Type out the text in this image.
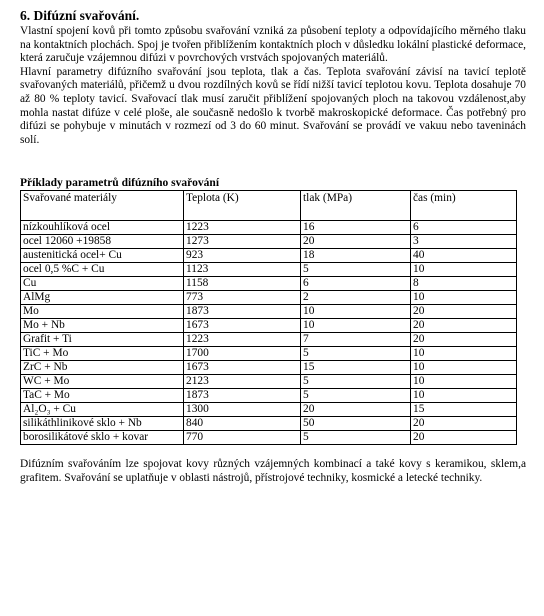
6. Difúzní svařování.

Vlastní spojení kovů při tomto způsobu svařování vzniká za působení teploty a odpovídajícího měrného tlaku na kontaktních plochách. Spoj je tvořen přiblížením kontaktních ploch v důsledku lokální plastické deformace, která zaručuje vzájemnou difúzi v povrchových vrstvách spojovaných materiálů.

Hlavní parametry difúzního svařování jsou teplota, tlak a čas. Teplota svařování závisí na tavicí teplotě svařovaných materiálů, přičemž u dvou rozdílných kovů se řídí nižší tavicí teplotou kovu. Teplota dosahuje 70 až 80 % teploty tavicí. Svařovací tlak musí zaručit přiblížení spojovaných ploch na takovou vzdálenost,aby mohla nastat difúze v celé ploše, ale současně nedošlo k tvorbě makroskopické deformace. Čas potřebný pro difúzi se pohybuje v minutách v rozmezí od 3 do 60 minut. Svařování se provádí ve vakuu nebo taveninách solí.

Příklady parametrů difúzního svařování

Svařované materiály	Teplota (K)	tlak (MPa)	čas (min)
nízkouhlíková ocel	1223	16	6
ocel 12060 +19858	1273	20	3
austenitická ocel+ Cu	923	18	40
ocel 0,5 %C + Cu	1123	5	10
Cu	1158	6	8
AlMg	773	2	10
Mo	1873	10	20
Mo + Nb	1673	10	20
Grafit + Ti	1223	7	20
TiC + Mo	1700	5	10
ZrC + Nb	1673	15	10
WC + Mo	2123	5	10
TaC + Mo	1873	5	10
Al₂O₃ + Cu	1300	20	15
silikáthlinikové sklo + Nb	840	50	20
borosilikátové sklo + kovar	770	5	20

Difúzním svařováním lze spojovat kovy různých vzájemných kombinací a také kovy s keramikou, sklem,a grafitem. Svařování se uplatňuje v oblasti nástrojů, přístrojové techniky, kosmické a letecké techniky.
